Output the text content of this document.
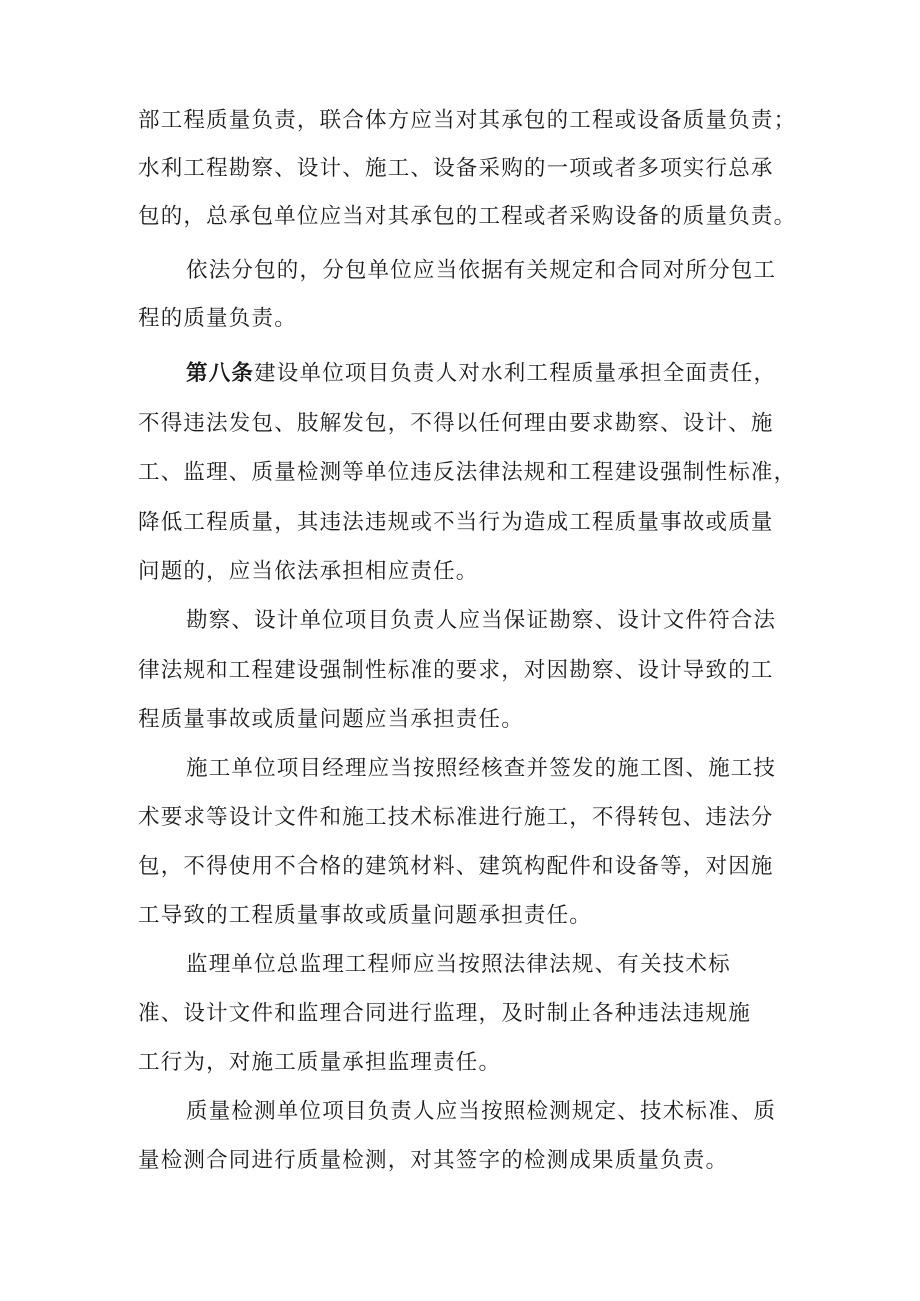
部工程质量负责，联合体方应当对其承包的工程或设备质量负责；
水利工程勘察、设计、施工、设备采购的一项或者多项实行总承
包的，总承包单位应当对其承包的工程或者采购设备的质量负责。
依法分包的，分包单位应当依据有关规定和合同对所分包工
程的质量负责。
第八条建设单位项目负责人对水利工程质量承担全面责任，
不得违法发包、肢解发包，不得以任何理由要求勘察、设计、施
工、监理、质量检测等单位违反法律法规和工程建设强制性标准，
降低工程质量，其违法违规或不当行为造成工程质量事故或质量
问题的，应当依法承担相应责任。
勘察、设计单位项目负责人应当保证勘察、设计文件符合法
律法规和工程建设强制性标准的要求，对因勘察、设计导致的工
程质量事故或质量问题应当承担责任。
施工单位项目经理应当按照经核查并签发的施工图、施工技
术要求等设计文件和施工技术标准进行施工，不得转包、违法分
包，不得使用不合格的建筑材料、建筑构配件和设备等，对因施
工导致的工程质量事故或质量问题承担责任。
监理单位总监理工程师应当按照法律法规、有关技术标
准、设计文件和监理合同进行监理，及时制止各种违法违规施
工行为，对施工质量承担监理责任。
质量检测单位项目负责人应当按照检测规定、技术标准、质
量检测合同进行质量检测，对其签字的检测成果质量负责。
